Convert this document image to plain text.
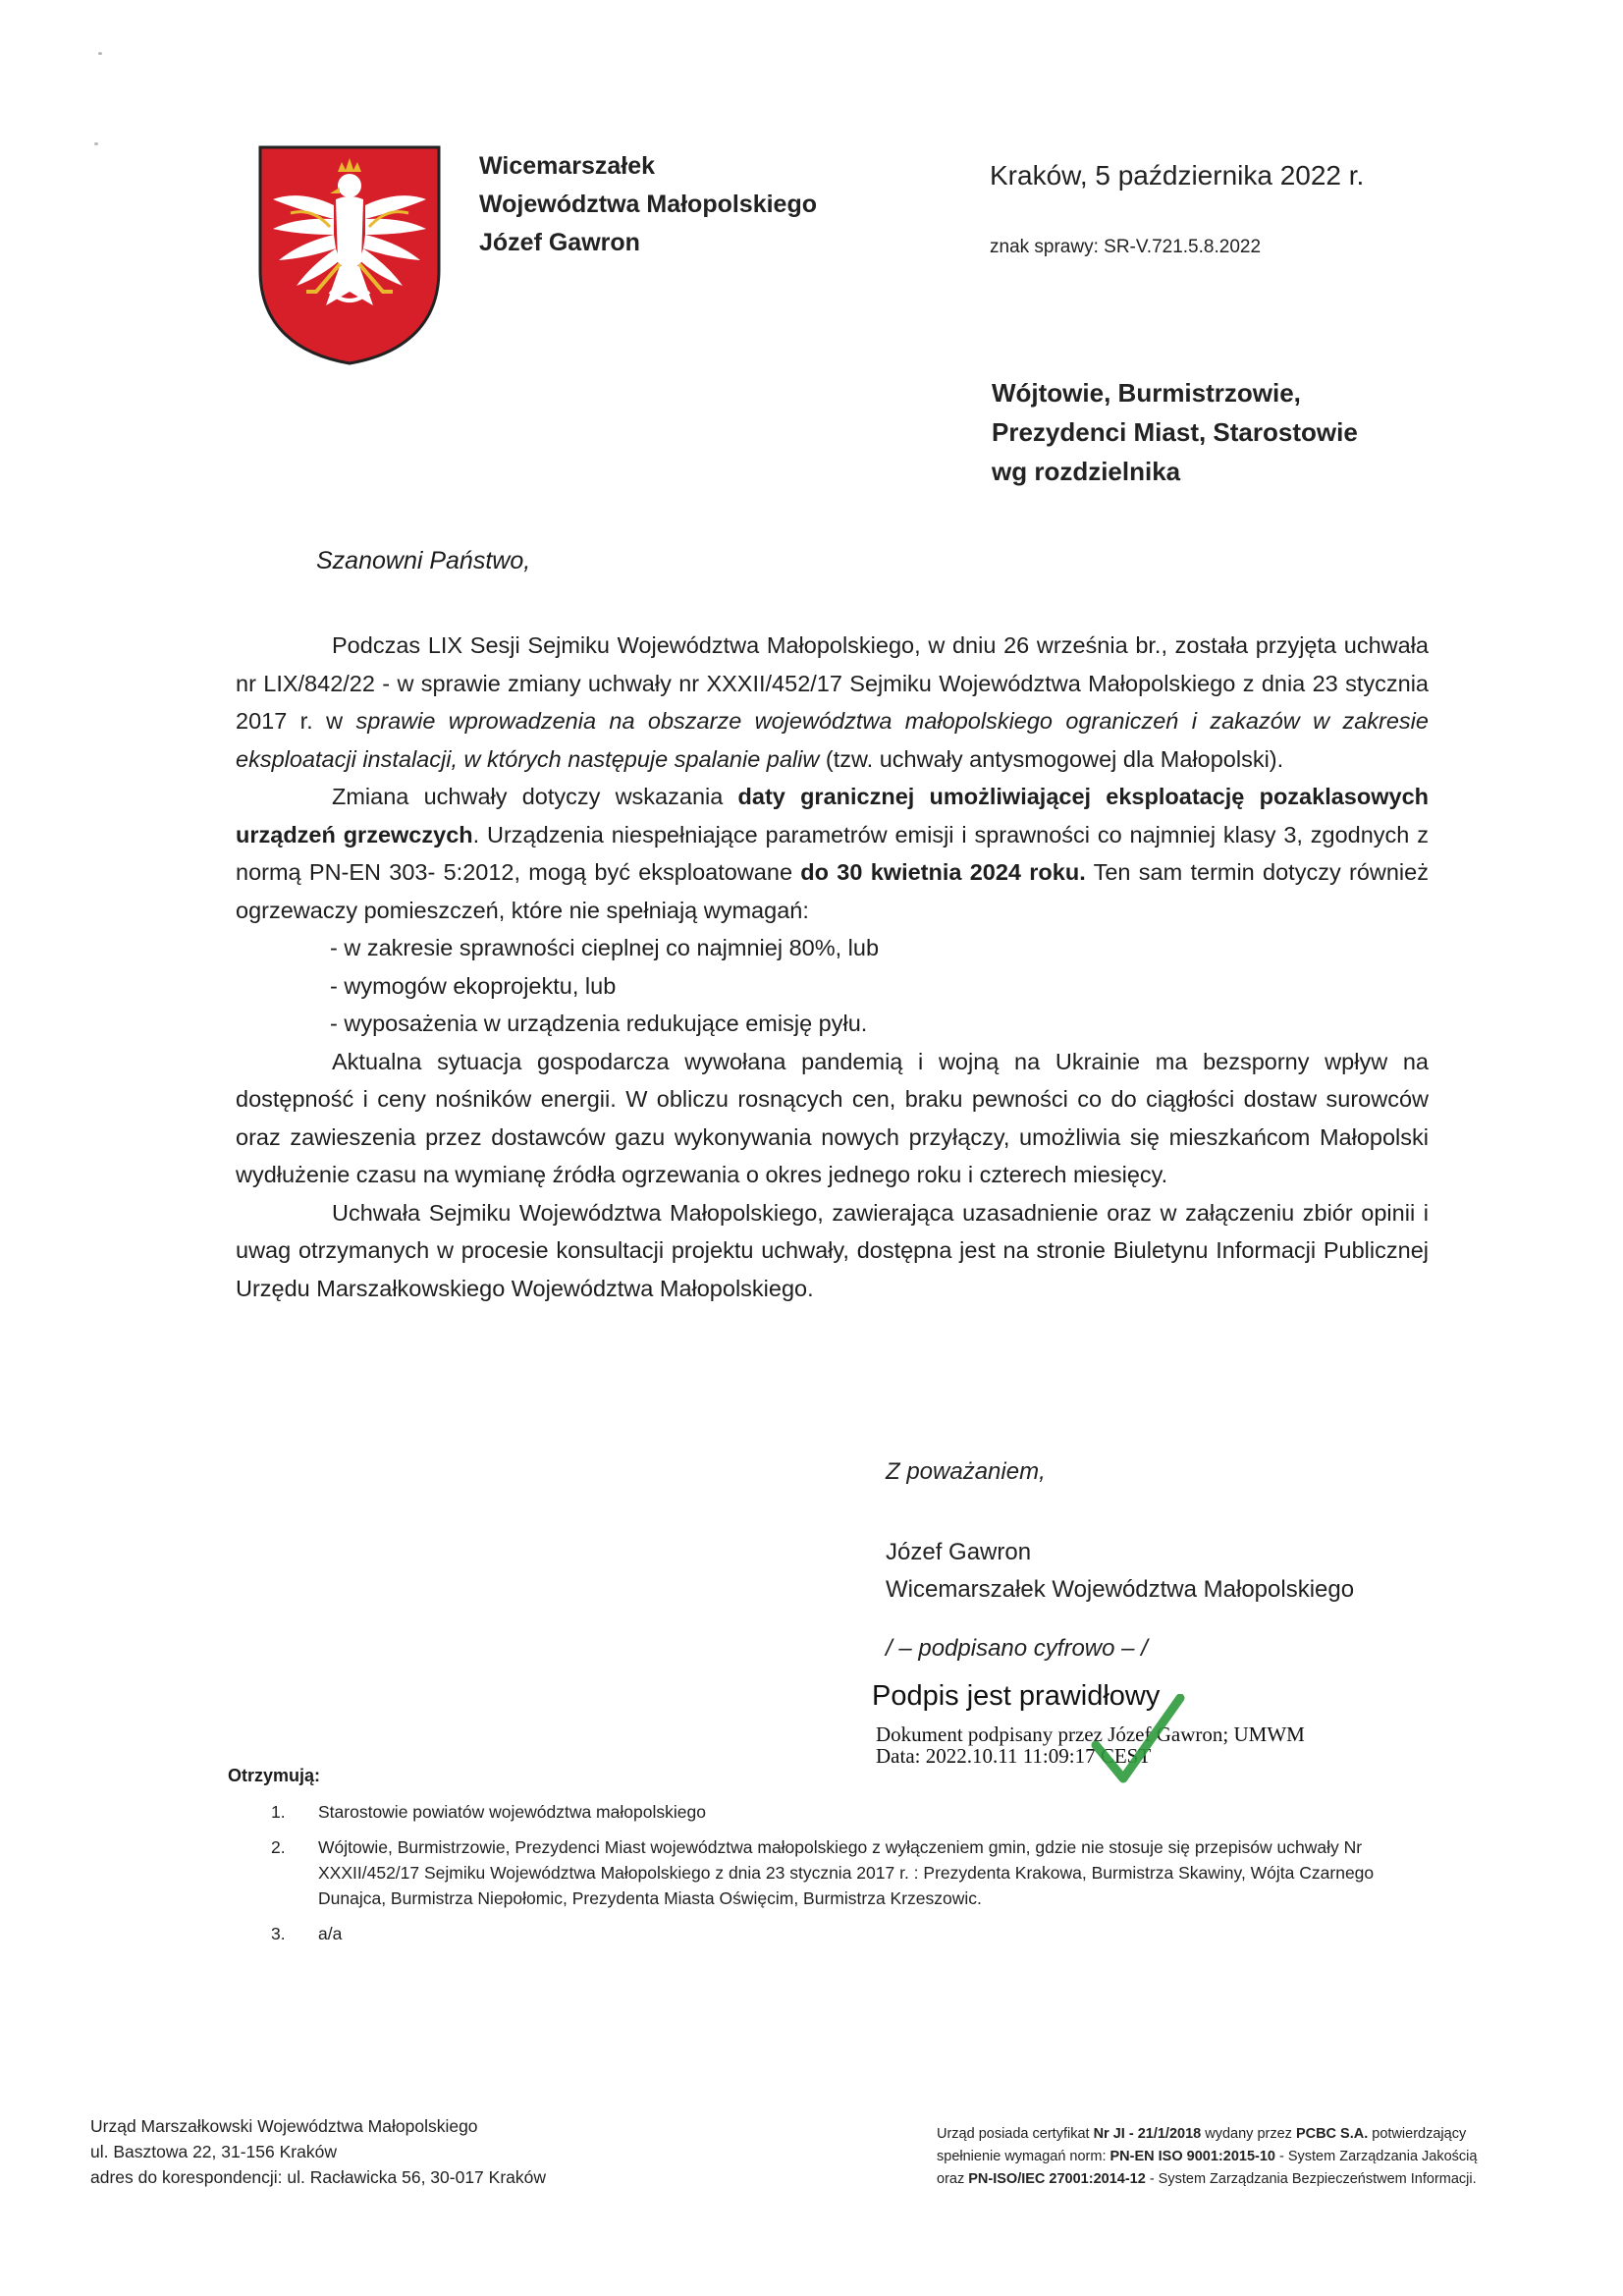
Wicemarszałek
Województwa Małopolskiego
Józef Gawron
Kraków, 5 października 2022 r.
znak sprawy: SR-V.721.5.8.2022
Wójtowie, Burmistrzowie,
Prezydenci Miast, Starostowie
wg rozdzielnika
Szanowni Państwo,

Podczas LIX Sesji Sejmiku Województwa Małopolskiego, w dniu 26 września br., została przyjęta uchwała nr LIX/842/22 - w sprawie zmiany uchwały nr XXXII/452/17 Sejmiku Województwa Małopolskiego z dnia 23 stycznia 2017 r. w sprawie wprowadzenia na obszarze województwa małopolskiego ograniczeń i zakazów w zakresie eksploatacji instalacji, w których następuje spalanie paliw (tzw. uchwały antysmogowej dla Małopolski).

Zmiana uchwały dotyczy wskazania daty granicznej umożliwiającej eksploatację pozaklasowych urządzeń grzewczych. Urządzenia niespełniające parametrów emisji i sprawności co najmniej klasy 3, zgodnych z normą PN-EN 303- 5:2012, mogą być eksploatowane do 30 kwietnia 2024 roku. Ten sam termin dotyczy również ogrzewaczy pomieszczeń, które nie spełniają wymagań:

- w zakresie sprawności cieplnej co najmniej 80%, lub
- wymogów ekoprojektu, lub
- wyposażenia w urządzenia redukujące emisję pyłu.

Aktualna sytuacja gospodarcza wywołana pandemią i wojną na Ukrainie ma bezsporny wpływ na dostępność i ceny nośników energii. W obliczu rosnących cen, braku pewności co do ciągłości dostaw surowców oraz zawieszenia przez dostawców gazu wykonywania nowych przyłączy, umożliwia się mieszkańcom Małopolski wydłużenie czasu na wymianę źródła ogrzewania o okres jednego roku i czterech miesięcy.

Uchwała Sejmiku Województwa Małopolskiego, zawierająca uzasadnienie oraz w załączeniu zbiór opinii i uwag otrzymanych w procesie konsultacji projektu uchwały, dostępna jest na stronie Biuletynu Informacji Publicznej Urzędu Marszałkowskiego Województwa Małopolskiego.

Z poważaniem,
Józef Gawron
Wicemarszałek Województwa Małopolskiego
/ – podpisano cyfrowo – /
Podpis jest prawidłowy
Dokument podpisany przez Józef Gawron; UMWM
Data: 2022.10.11 11:09:17 CEST
Otrzymują:
1.	Starostowie powiatów województwa małopolskiego
2.	Wójtowie, Burmistrzowie, Prezydenci Miast województwa małopolskiego z wyłączeniem gmin, gdzie nie stosuje się przepisów uchwały Nr XXXII/452/17 Sejmiku Województwa Małopolskiego z dnia 23 stycznia 2017 r. : Prezydenta Krakowa, Burmistrza Skawiny, Wójta Czarnego Dunajca, Burmistrza Niepołomic, Prezydenta Miasta Oświęcim, Burmistrza Krzeszowic.
3.	a/a
Urząd Marszałkowski Województwa Małopolskiego
ul. Basztowa 22, 31-156 Kraków
adres do korespondencji: ul. Racławicka 56, 30-017 Kraków
Urząd posiada certyfikat Nr JI - 21/1/2018 wydany przez PCBC S.A. potwierdzający
spełnienie wymagań norm: PN-EN ISO 9001:2015-10 - System Zarządzania Jakością
oraz PN-ISO/IEC 27001:2014-12 - System Zarządzania Bezpieczeństwem Informacji.
